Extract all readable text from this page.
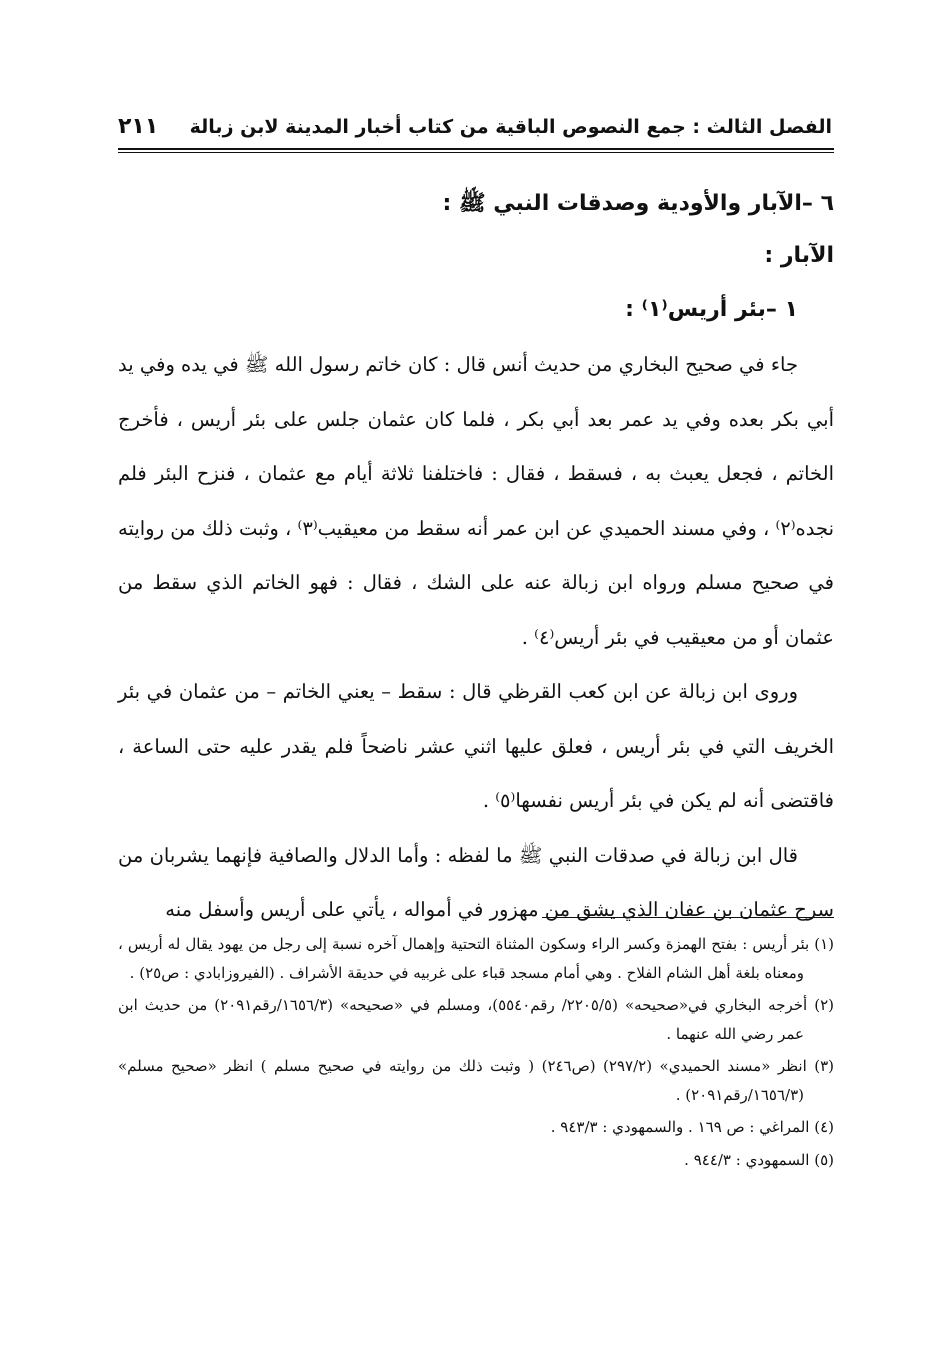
الفصل الثالث : جمع النصوص الباقية من كتاب أخبار المدينة لابن زبالة
٢١١

٦ –الآبار والأودية وصدقات النبي ﷺ :

الآبار :

١ –بئر أريس⁽١⁾ :

جاء في صحيح البخاري من حديث أنس قال : كان خاتم رسول الله ﷺ في يده وفي يد أبي بكر بعده وفي يد عمر بعد أبي بكر ، فلما كان عثمان جلس على بئر أريس ، فأخرج الخاتم ، فجعل يعبث به ، فسقط ، فقال : فاختلفنا ثلاثة أيام مع عثمان ، فنزح البئر فلم نجده⁽٢⁾ ، وفي مسند الحميدي عن ابن عمر أنه سقط من معيقيب⁽٣⁾ ، وثبت ذلك من روايته في صحيح مسلم ورواه ابن زبالة عنه على الشك ، فقال : فهو الخاتم الذي سقط من عثمان أو من معيقيب في بئر أريس⁽٤⁾ .

وروى ابن زبالة عن ابن كعب القرظي قال : سقط – يعني الخاتم – من عثمان في بئر الخريف التي في بئر أريس ، فعلق عليها اثني عشر ناضحاً فلم يقدر عليه حتى الساعة ، فاقتضى أنه لم يكن في بئر أريس نفسها⁽٥⁾ .

قال ابن زبالة في صدقات النبي ﷺ ما لفظه : وأما الدلال والصافية فإنهما يشربان من سرح عثمان بن عفان الذي يشق من مهزور في أمواله ، يأتي على أريس وأسفل منه

(١) بئر أريس : بفتح الهمزة وكسر الراء وسكون المثناة التحتية وإهمال آخره نسبة إلى رجل من يهود يقال له أريس ، ومعناه بلغة أهل الشام الفلاح . وهي أمام مسجد قباء على غربيه في حديقة الأشراف . (الفيروزابادي : ص٢٥) .

(٢) أخرجه البخاري في«صحيحه» (٢٢٠٥/٥/ رقم٥٥٤٠)، ومسلم في «صحيحه» (١٦٥٦/٣/رقم٢٠٩١) من حديث ابن عمر رضي الله عنهما .

(٣) انظر «مسند الحميدي» (٢٩٧/٢) (ص٢٤٦) ( وثبت ذلك من روايته في صحيح مسلم ) انظر «صحيح مسلم» (١٦٥٦/٣/رقم٢٠٩١) .

(٤) المراغي : ص ١٦٩ . والسمهودي : ٩٤٣/٣ .

(٥) السمهودي : ٩٤٤/٣ .
